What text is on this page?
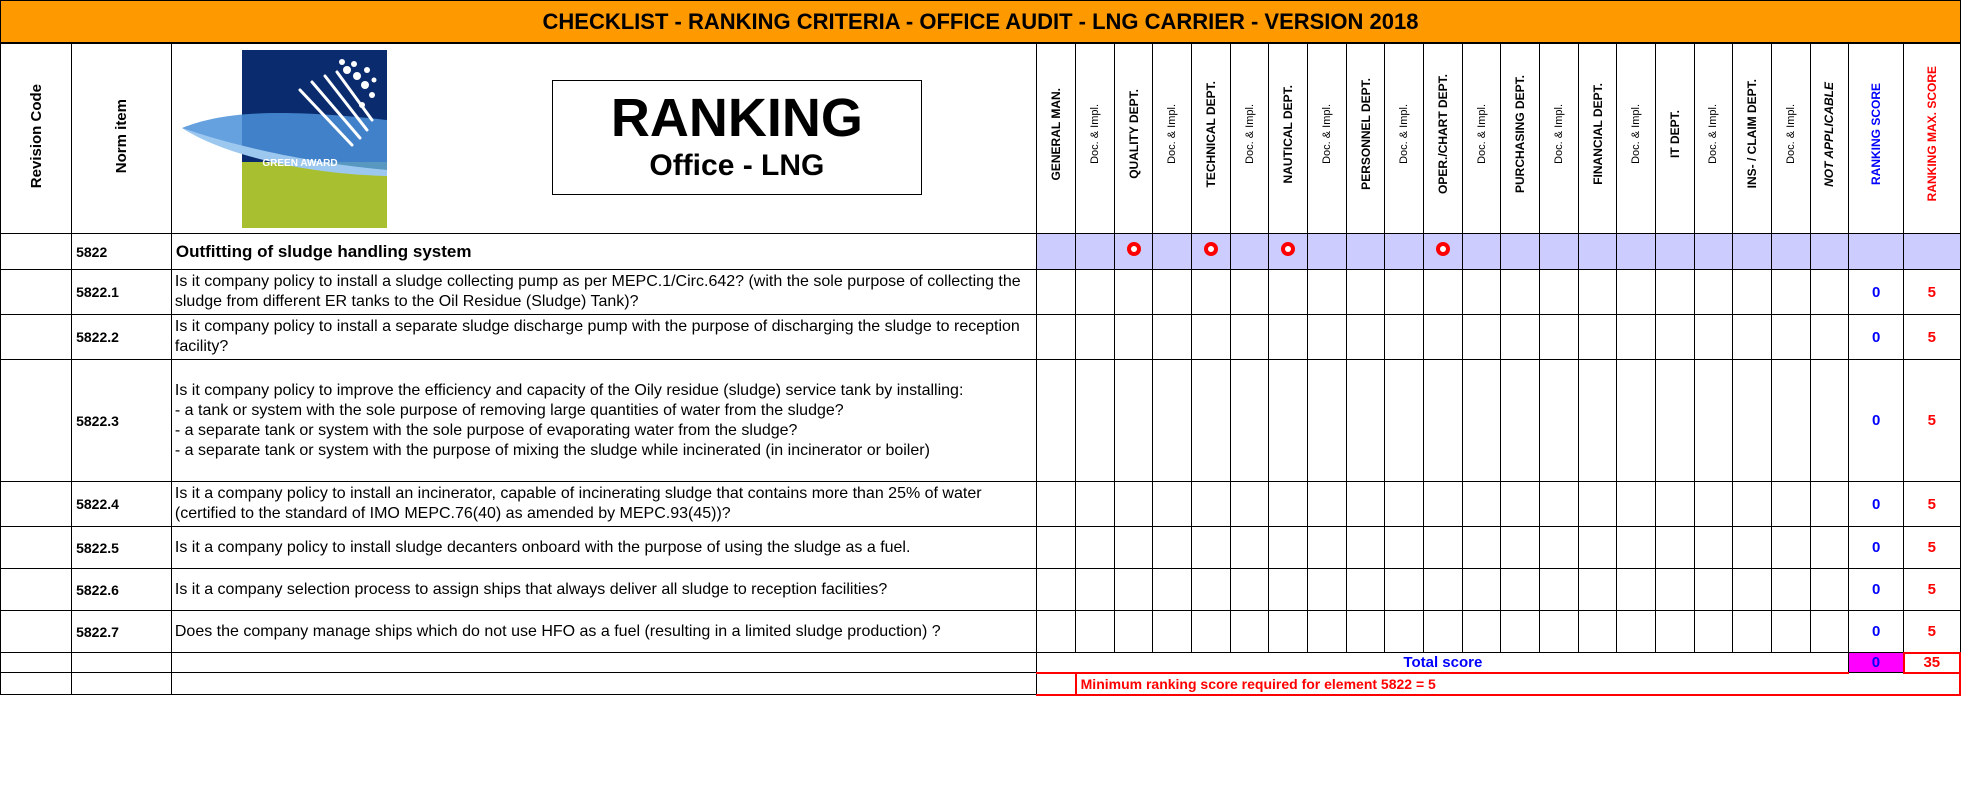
CHECKLIST - RANKING CRITERIA - OFFICE AUDIT - LNG CARRIER - VERSION 2018
Revision Code	Norm item	GREEN AWARD
RANKING
Office - LNG	GENERAL MAN.	Doc. & Impl.	QUALITY DEPT.	Doc. & Impl.	TECHNICAL DEPT.	Doc. & Impl.	NAUTICAL DEPT.	Doc. & Impl.	PERSONNEL DEPT.	Doc. & Impl.	OPER./CHART DEPT.	Doc. & Impl.	PURCHASING DEPT.	Doc. & Impl.	FINANCIAL DEPT.	Doc. & Impl.	IT DEPT.	Doc. & Impl.	INS- / CLAIM DEPT.	Doc. & Impl.	NOT APPLICABLE	RANKING SCORE	RANKING MAX. SCORE
	5822	Outfitting of sludge handling system																							
	5822.1	Is it company policy to install a sludge collecting pump as per MEPC.1/Circ.642? (with the sole purpose of collecting the sludge from different ER tanks to the Oil Residue (Sludge) Tank)?																						0	5
	5822.2	Is it company policy to install a separate sludge discharge pump with the purpose of discharging the sludge to reception facility?																						0	5
	5822.3	Is it company policy to improve the efficiency and capacity of the Oily residue (sludge) service tank by installing:
- a tank or system with the sole purpose of removing large quantities of water from the sludge?
- a separate tank or system with the sole purpose of evaporating water from the sludge?
- a separate tank or system with the purpose of mixing the sludge while incinerated (in incinerator or boiler)																						0	5
	5822.4	Is it a company policy to install an incinerator, capable of incinerating sludge that contains more than 25% of water (certified to the standard of IMO MEPC.76(40) as amended by MEPC.93(45))?																						0	5
	5822.5	Is it a company policy to install sludge decanters onboard with the purpose of using the sludge as a fuel.																						0	5
	5822.6	Is it a company selection process to assign ships that always deliver all sludge to reception facilities?																						0	5
	5822.7	Does the company manage ships which do not use HFO as a fuel (resulting in a limited sludge production) ?																						0	5
			Total score																					0	35
				Minimum ranking score required for element 5822 = 5																					
